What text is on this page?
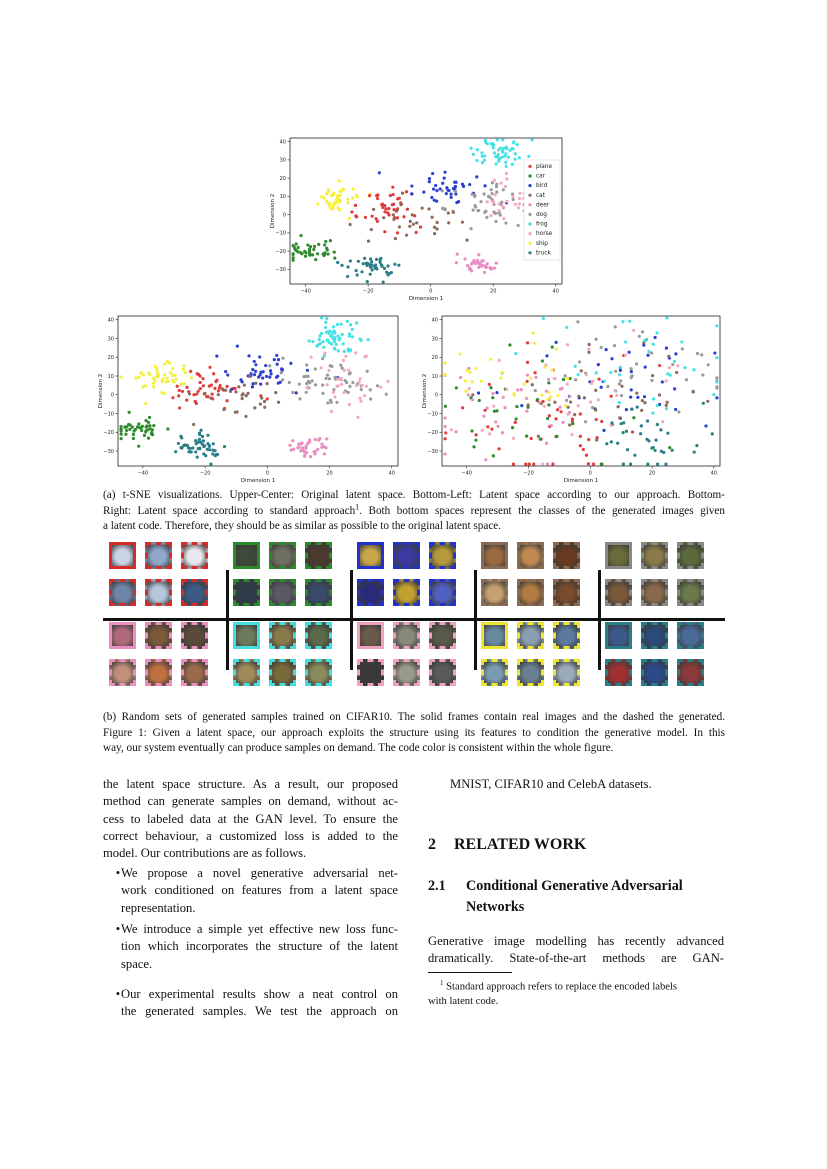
−40	−20	0	20	40
40
30
20
10
0
−10
−20
−30
Dimension 1
Dimension 2
plane
car
bird
cat
deer
dog
frog
horse
ship
truck
−40	−20	0	20	40
40
30
20
10
0
−10
−20
−30
Dimension 1
Dimension 2
−40	−20	0	20	40
40
30
20
10
0
−10
−20
−30
Dimension 1
Dimension 2
(a) t-SNE visualizations. Upper-Center: Original latent space. Bottom-Left: Latent space according to our approach. Bottom-
Right: Latent space according to standard approach$^1$. Both bottom spaces represent the classes of the generated images given
a latent code. Therefore, they should be as similar as possible to the original latent space.
(b) Random sets of generated samples trained on CIFAR10. The solid frames contain real images and the dashed the generated.
Figure 1: Given a latent space, our approach exploits the structure using its features to condition the generative model. In this
way, our system eventually can produce samples on demand. The code color is consistent within the whole figure.
the latent space structure. As a result, our proposed
method can generate samples on demand, without ac-
cess to labeled data at the GAN level. To ensure the
correct behaviour, a customized loss is added to the
model. Our contributions are as follows.
• We propose a novel generative adversarial net-
work conditioned on features from a latent space
representation.
• We introduce a simple yet effective new loss func-
tion which incorporates the structure of the latent
space.
• Our experimental results show a neat control on
the generated samples. We test the approach on
MNIST, CIFAR10 and CelebA datasets.
2 RELATED WORK
2.1 Conditional Generative Adversarial
Networks
Generative image modelling has recently advanced
dramatically. State-of-the-art methods are GAN-
$^1$ Standard approach refers to replace the encoded labels
with latent code.
